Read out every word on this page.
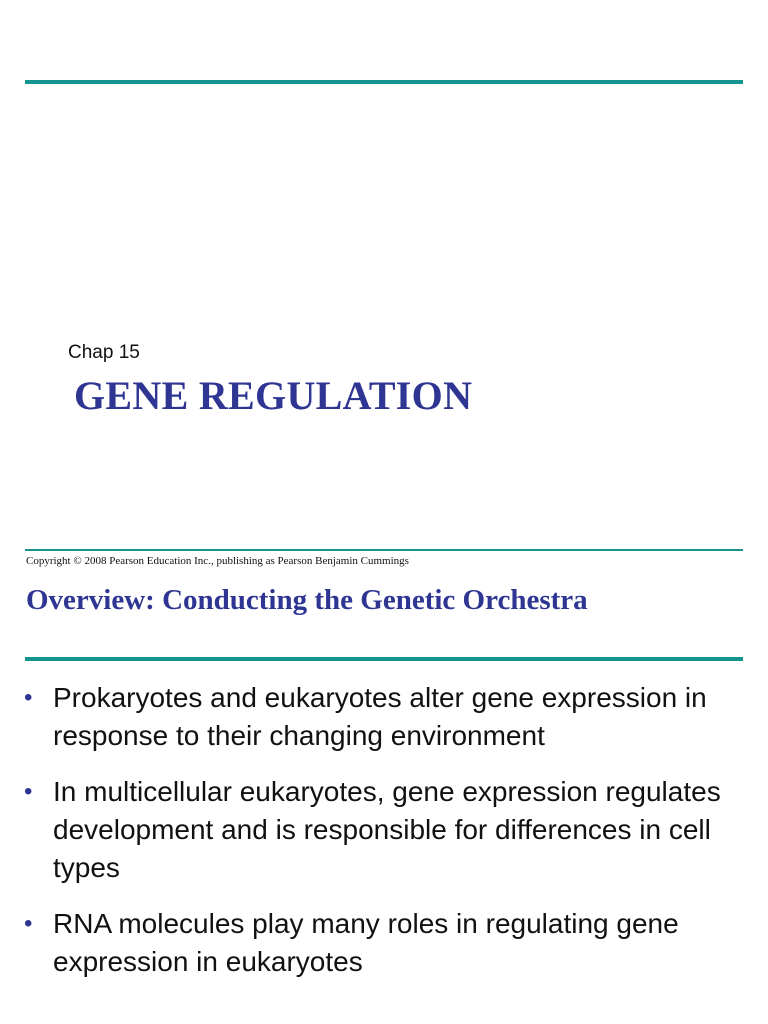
Chap 15
GENE REGULATION
Copyright © 2008 Pearson Education Inc., publishing as Pearson Benjamin Cummings
Overview: Conducting the Genetic Orchestra
• Prokaryotes and eukaryotes alter gene expression in response to their changing environment
• In multicellular eukaryotes, gene expression regulates development and is responsible for differences in cell types
• RNA molecules play many roles in regulating gene expression in eukaryotes
